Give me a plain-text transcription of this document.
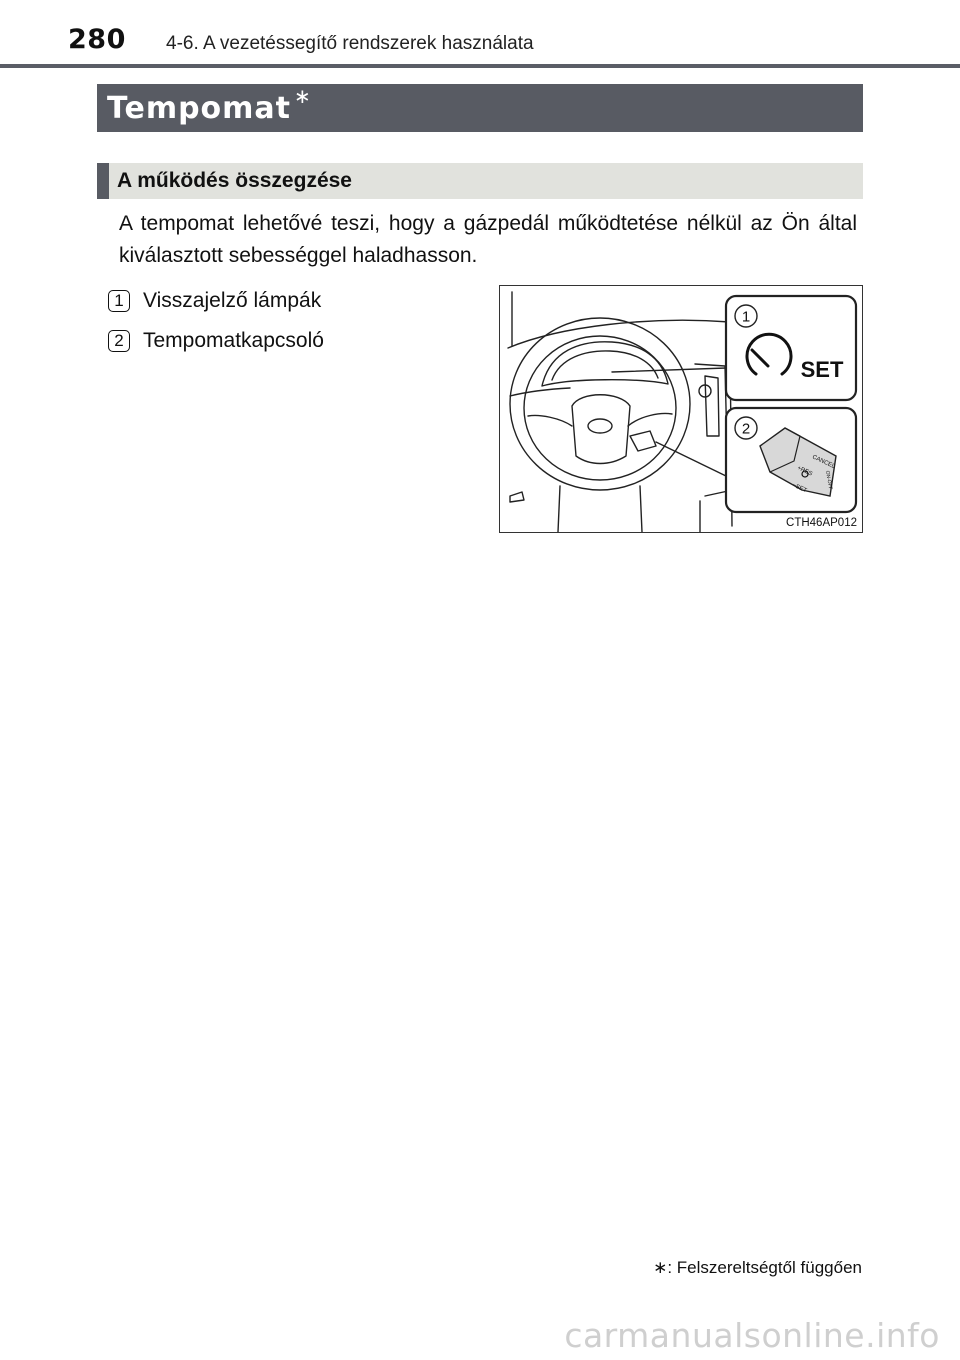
280 4-6. A vezetéssegítő rendszerek használata
Tempomat ∗
A működés összegzése
A tempomat lehetővé teszi, hogy a gázpedál működtetése nélkül az Ön által kiválasztott sebességgel haladhasson.
1 Visszajelző lámpák
2 Tempomatkapcsoló
1
SET
2
CANCEL
+RES
−SET	ON-OFF
CTH46AP012
∗: Felszereltségtől függően
carmanualsonline.info
